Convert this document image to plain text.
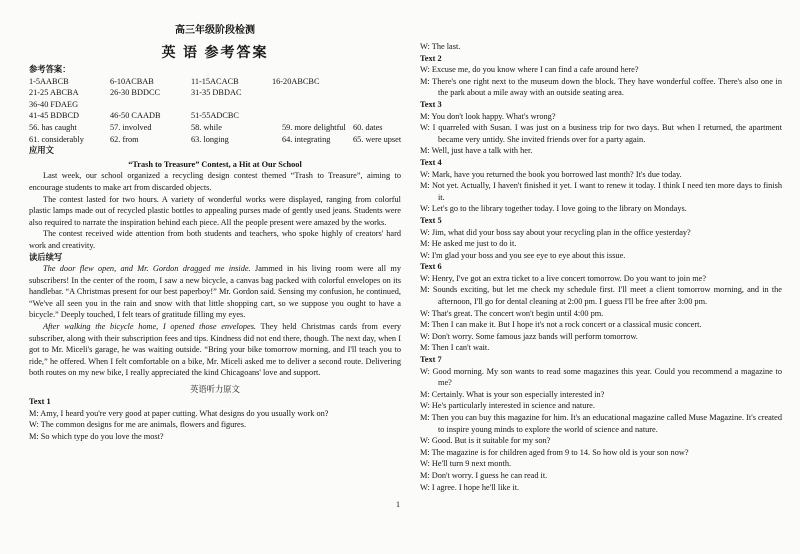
高三年级阶段检测
英 语 参考答案
参考答案：
1-5AABCB	6-10ACBAB	11-15ACACB	16-20ABCBC
21-25 ABCBA	26-30 BDDCC	31-35 DBDAC
36-40 FDAEG
41-45 BDBCD	46-50 CAADB	51-55ADCBC
56. has caught	57. involved	58. while	59. more delightful 60. dates
61. considerably	62. from	63. longing	64. integrating	65. were upset
应用文
“Trash to Treasure” Contest, a Hit at Our School

Last week, our school organized a recycling design contest themed “Trash to Treasure”, aiming to encourage students to make art from discarded objects.

The contest lasted for two hours. A variety of wonderful works were displayed, ranging from colorful plastic lamps made out of recycled plastic bottles to appealing purses made of gently used jeans. Students were also required to narrate the inspiration behind each piece. All the people present were amazed by the works.

The contest received wide attention from both students and teachers, who spoke highly of creators' hard work and creativity.

读后续写

The door flew open, and Mr. Gordon dragged me inside. Jammed in his living room were all my subscribers! In the center of the room, I saw a new bicycle, a canvas bag packed with colorful envelopes on its handlebar. “A Christmas present for our best paperboy!” Mr. Gordon said. Sensing my confusion, he continued, “We've all seen you in the rain and snow with that little shopping cart, so we suppose you ought to have a bicycle.” Deeply touched, I felt tears of gratitude filling my eyes.

After walking the bicycle home, I opened those envelopes. They held Christmas cards from every subscriber, along with their subscription fees and tips. Kindness did not end there, though. The next day, when I got to Mr. Miceli's garage, he was waiting outside. “Bring your bike tomorrow morning, and I'll teach you to ride,” he offered. When I felt comfortable on a bike, Mr. Miceli asked me to deliver a second route. Delivering both routes on my new bike, I really appreciated the kind Chicagoans' love and support.

英语听力原文
Text 1
M: Amy, I heard you're very good at paper cutting. What designs do you usually work on?
W: The common designs for me are animals, flowers and figures.
M: So which type do you love the most?
W: The last.
Text 2
W: Excuse me, do you know where I can find a cafe around here?
M: There's one right next to the museum down the block. They have wonderful coffee. There's also one in the park about a mile away with an outside seating area.
Text 3
M: You don't look happy. What's wrong?
W: I quarreled with Susan. I was just on a business trip for two days. But when I returned, the apartment became very untidy. She invited friends over for a party again.
M: Well, just have a talk with her.
Text 4
W: Mark, have you returned the book you borrowed last month? It's due today.
M: Not yet. Actually, I haven't finished it yet. I want to renew it today. I think I need ten more days to finish it.
W: Let's go to the library together today. I love going to the library on Mondays.
Text 5
W: Jim, what did your boss say about your recycling plan in the office yesterday?
M: He asked me just to do it.
W: I'm glad your boss and you see eye to eye about this issue.
Text 6
W: Henry, I've got an extra ticket to a live concert tomorrow. Do you want to join me?
M: Sounds exciting, but let me check my schedule first. I'll meet a client tomorrow morning, and in the afternoon, I'll go for dental cleaning at 2:00 pm. I guess I'll be free after 3:00 pm.
W: That's great. The concert won't begin until 4:00 pm.
M: Then I can make it. But I hope it's not a rock concert or a classical music concert.
W: Don't worry. Some famous jazz bands will perform tomorrow.
M: Then I can't wait.
Text 7
W: Good morning. My son wants to read some magazines this year. Could you recommend a magazine to me?
M: Certainly. What is your son especially interested in?
W: He's particularly interested in science and nature.
M: Then you can buy this magazine for him. It's an educational magazine called Muse Magazine. It's created to inspire young minds to explore the world of science and nature.
W: Good. But is it suitable for my son?
M: The magazine is for children aged from 9 to 14. So how old is your son now?
W: He'll turn 9 next month.
M: Don't worry. I guess he can read it.
W: I agree. I hope he'll like it.
1
